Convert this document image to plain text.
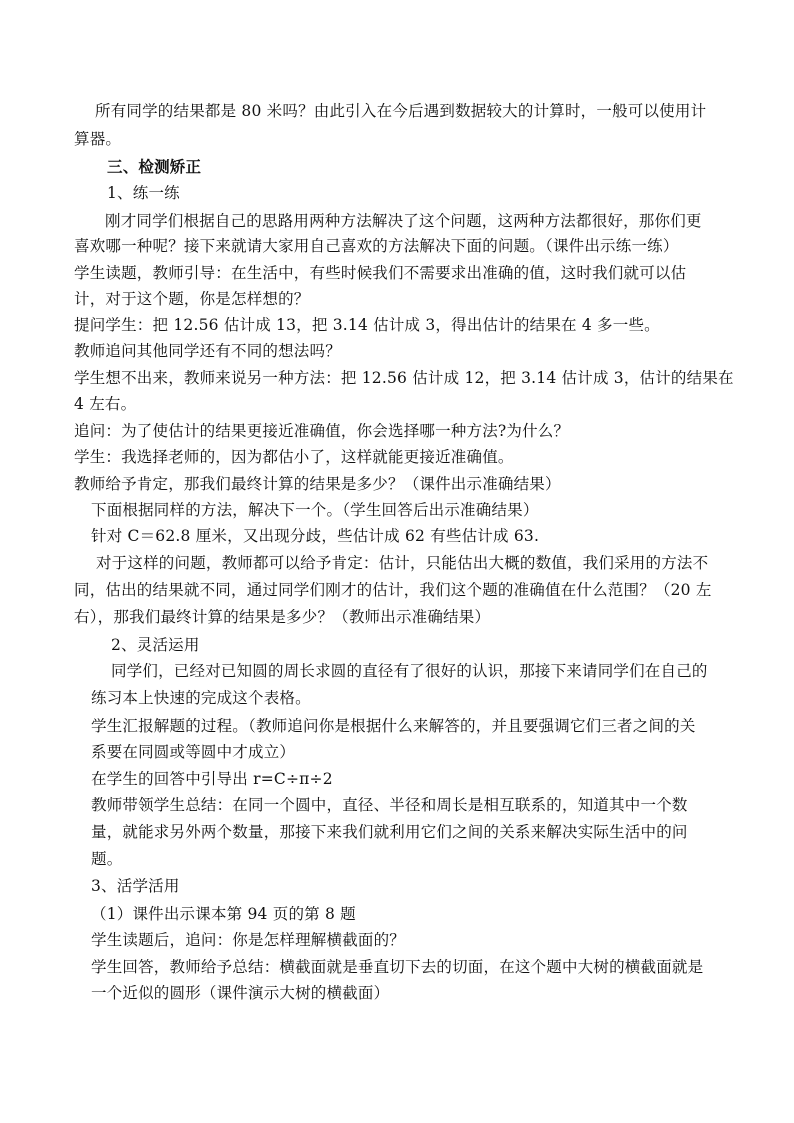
所有同学的结果都是 80 米吗？由此引入在今后遇到数据较大的计算时，一般可以使用计
算器。
三、检测矫正
1、练一练
刚才同学们根据自己的思路用两种方法解决了这个问题，这两种方法都很好，那你们更
喜欢哪一种呢？接下来就请大家用自己喜欢的方法解决下面的问题。（课件出示练一练）
学生读题，教师引导：在生活中，有些时候我们不需要求出准确的值，这时我们就可以估
计，对于这个题，你是怎样想的？
提问学生：把 12.56 估计成 13，把 3.14 估计成 3，得出估计的结果在 4 多一些。
教师追问其他同学还有不同的想法吗？
学生想不出来，教师来说另一种方法：把 12.56 估计成 12，把 3.14 估计成 3，估计的结果在
4 左右。
追问：为了使估计的结果更接近准确值，你会选择哪一种方法?为什么？
学生：我选择老师的，因为都估小了，这样就能更接近准确值。
教师给予肯定，那我们最终计算的结果是多少？（课件出示准确结果）
下面根据同样的方法，解决下一个。（学生回答后出示准确结果）
针对 C＝62.8 厘米，又出现分歧，些估计成 62 有些估计成 63.
对于这样的问题，教师都可以给予肯定：估计，只能估出大概的数值，我们采用的方法不
同，估出的结果就不同，通过同学们刚才的估计，我们这个题的准确值在什么范围？（20 左
右），那我们最终计算的结果是多少？（教师出示准确结果）
2、灵活运用
同学们，已经对已知圆的周长求圆的直径有了很好的认识，那接下来请同学们在自己的
练习本上快速的完成这个表格。
学生汇报解题的过程。（教师追问你是根据什么来解答的，并且要强调它们三者之间的关
系要在同圆或等圆中才成立）
在学生的回答中引导出 r=C÷π÷2
教师带领学生总结：在同一个圆中，直径、半径和周长是相互联系的，知道其中一个数
量，就能求另外两个数量，那接下来我们就利用它们之间的关系来解决实际生活中的问
题。
3、活学活用
（1）课件出示课本第 94 页的第 8 题
学生读题后，追问：你是怎样理解横截面的？
学生回答，教师给予总结：横截面就是垂直切下去的切面，在这个题中大树的横截面就是
一个近似的圆形（课件演示大树的横截面）
